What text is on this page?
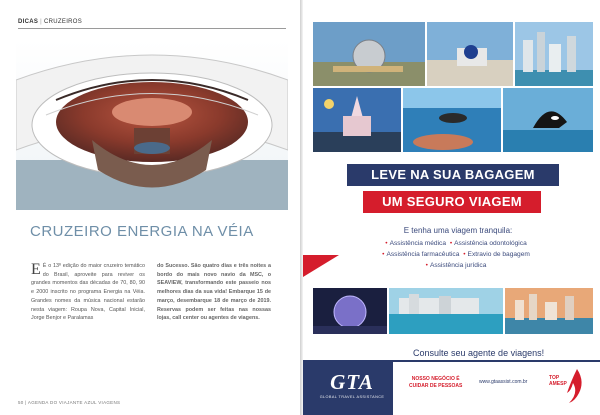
DICAS | CRUZEIROS
CRUZEIRO ENERGIA NA VÉIA
E É o 13º edição do maior cruzeiro temático do Brasil, aproveite para reviver os grandes momentos das décadas de 70, 80, 90 e 2000 inscrito no programa Energia na Véia. Grandes nomes da música nacional estarão nesta viagem: Roupa Nova, Capital Inicial, Jorge Benjor e Paralamas
do Sucesso. São quatro dias e três noites a bordo do mais novo navio da MSC, o SEAVIEW, transformando este passeio nos melhores dias da sua vida! Embarque 15 de março, desembarque 18 de março de 2019. Reservas podem ser feitas nas nossas lojas, call center ou agentes de viagens.
50 | AGENDA DO VIAJANTE AZUL VIAGENS
LEVE NA SUA BAGAGEM
UM SEGURO VIAGEM
E tenha uma viagem tranquila:
• Assistência médica • Assistência odontológica
• Assistência farmacêutica • Extravio de bagagem
• Assistência jurídica
Consulte seu agente de viagens!
GTA
GLOBAL TRAVEL ASSISTANCE
NOSSO NEGÓCIO É
CUIDAR DE PESSOAS
www.gtaassist.com.br
TOP
AMESP
